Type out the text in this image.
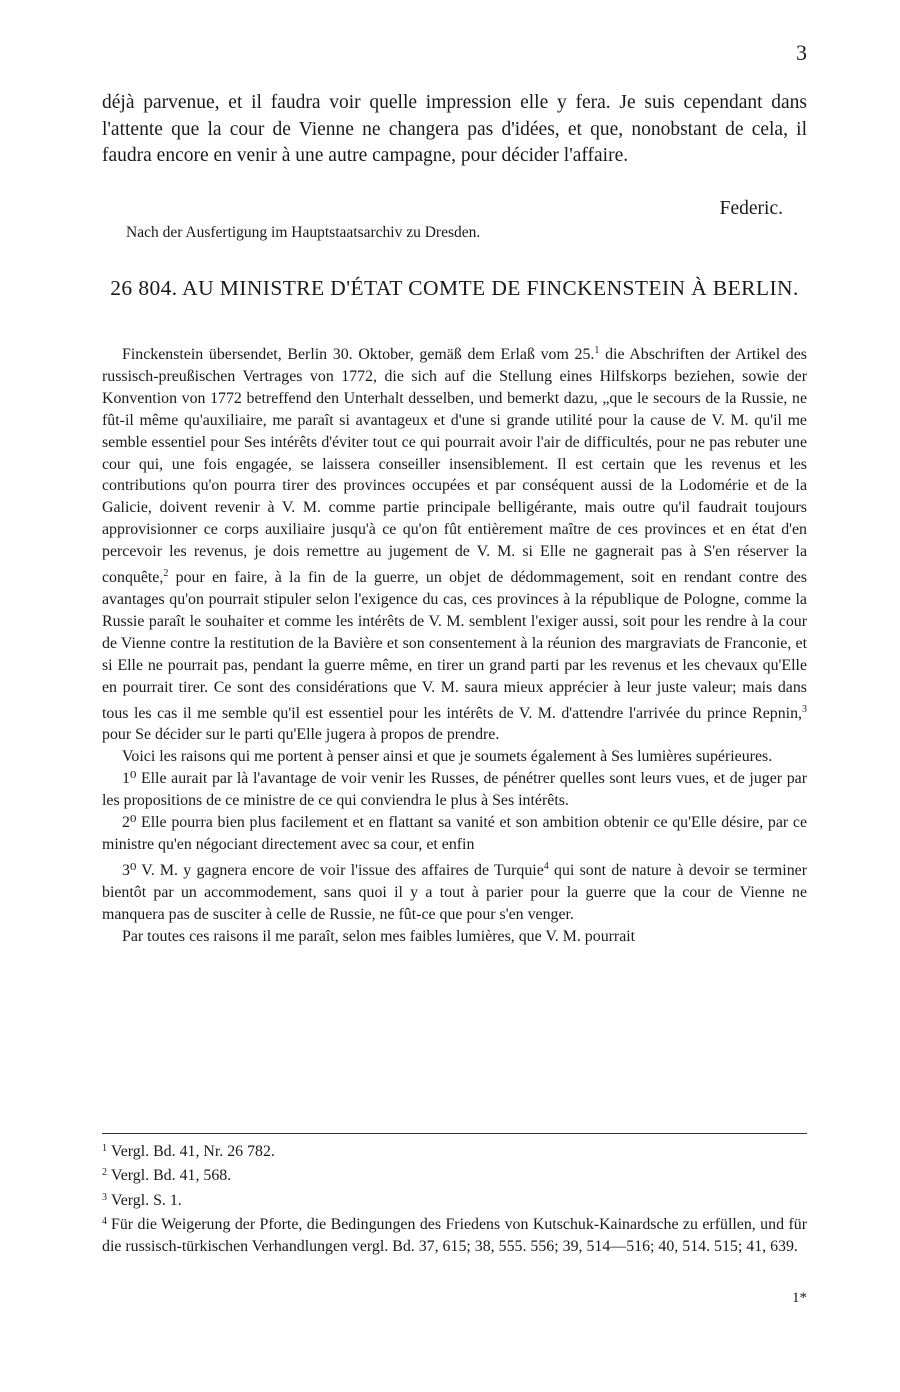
3
déjà parvenue, et il faudra voir quelle impression elle y fera. Je suis cependant dans l'attente que la cour de Vienne ne changera pas d'idées, et que, nonobstant de cela, il faudra encore en venir à une autre campagne, pour décider l'affaire.
Federic.
Nach der Ausfertigung im Hauptstaatsarchiv zu Dresden.
26 804. AU MINISTRE D'ÉTAT COMTE DE FINCKENSTEIN À BERLIN.

Finckenstein übersendet, Berlin 30. Oktober, gemäß dem Erlaß vom 25.$^1$ die Abschriften der Artikel des russisch-preußischen Vertrages von 1772, die sich auf die Stellung eines Hilfskorps beziehen, sowie der Konvention von 1772 betreffend den Unterhalt desselben, und bemerkt dazu, „que le secours de la Russie, ne fût-il même qu'auxiliaire, me paraît si avantageux et d'une si grande utilité pour la cause de V. M. qu'il me semble essentiel pour Ses intérêts d'éviter tout ce qui pourrait avoir l'air de difficultés, pour ne pas rebuter une cour qui, une fois engagée, se laissera conseiller insensiblement. Il est certain que les revenus et les contributions qu'on pourra tirer des provinces occupées et par conséquent aussi de la Lodomérie et de la Galicie, doivent revenir à V. M. comme partie principale belligérante, mais outre qu'il faudrait toujours approvisionner ce corps auxiliaire jusqu'à ce qu'on fût entièrement maître de ces provinces et en état d'en percevoir les revenus, je dois remettre au jugement de V. M. si Elle ne gagnerait pas à S'en réserver la conquête,$^2$ pour en faire, à la fin de la guerre, un objet de dédommagement, soit en rendant contre des avantages qu'on pourrait stipuler selon l'exigence du cas, ces provinces à la république de Pologne, comme la Russie paraît le souhaiter et comme les intérêts de V. M. semblent l'exiger aussi, soit pour les rendre à la cour de Vienne contre la restitution de la Bavière et son consentement à la réunion des margraviats de Franconie, et si Elle ne pourrait pas, pendant la guerre même, en tirer un grand parti par les revenus et les chevaux qu'Elle en pourrait tirer. Ce sont des considérations que V. M. saura mieux apprécier à leur juste valeur; mais dans tous les cas il me semble qu'il est essentiel pour les intérêts de V. M. d'attendre l'arrivée du prince Repnin,$^3$ pour Se décider sur le parti qu'Elle jugera à propos de prendre.

Voici les raisons qui me portent à penser ainsi et que je soumets également à Ses lumières supérieures.

1⁰ Elle aurait par là l'avantage de voir venir les Russes, de pénétrer quelles sont leurs vues, et de juger par les propositions de ce ministre de ce qui conviendra le plus à Ses intérêts.

2⁰ Elle pourra bien plus facilement et en flattant sa vanité et son ambition obtenir ce qu'Elle désire, par ce ministre qu'en négociant directement avec sa cour, et enfin

3⁰ V. M. y gagnera encore de voir l'issue des affaires de Turquie$^4$ qui sont de nature à devoir se terminer bientôt par un accommodement, sans quoi il y a tout à parier pour la guerre que la cour de Vienne ne manquera pas de susciter à celle de Russie, ne fût-ce que pour s'en venger.

Par toutes ces raisons il me paraît, selon mes faibles lumières, que V. M. pourrait

$^1$ Vergl. Bd. 41, Nr. 26 782.

$^2$ Vergl. Bd. 41, 568.

$^3$ Vergl. S. 1.

$^4$ Für die Weigerung der Pforte, die Bedingungen des Friedens von Kutschuk-Kainardsche zu erfüllen, und für die russisch-türkischen Verhandlungen vergl. Bd. 37, 615; 38, 555. 556; 39, 514—516; 40, 514. 515; 41, 639.

1*
